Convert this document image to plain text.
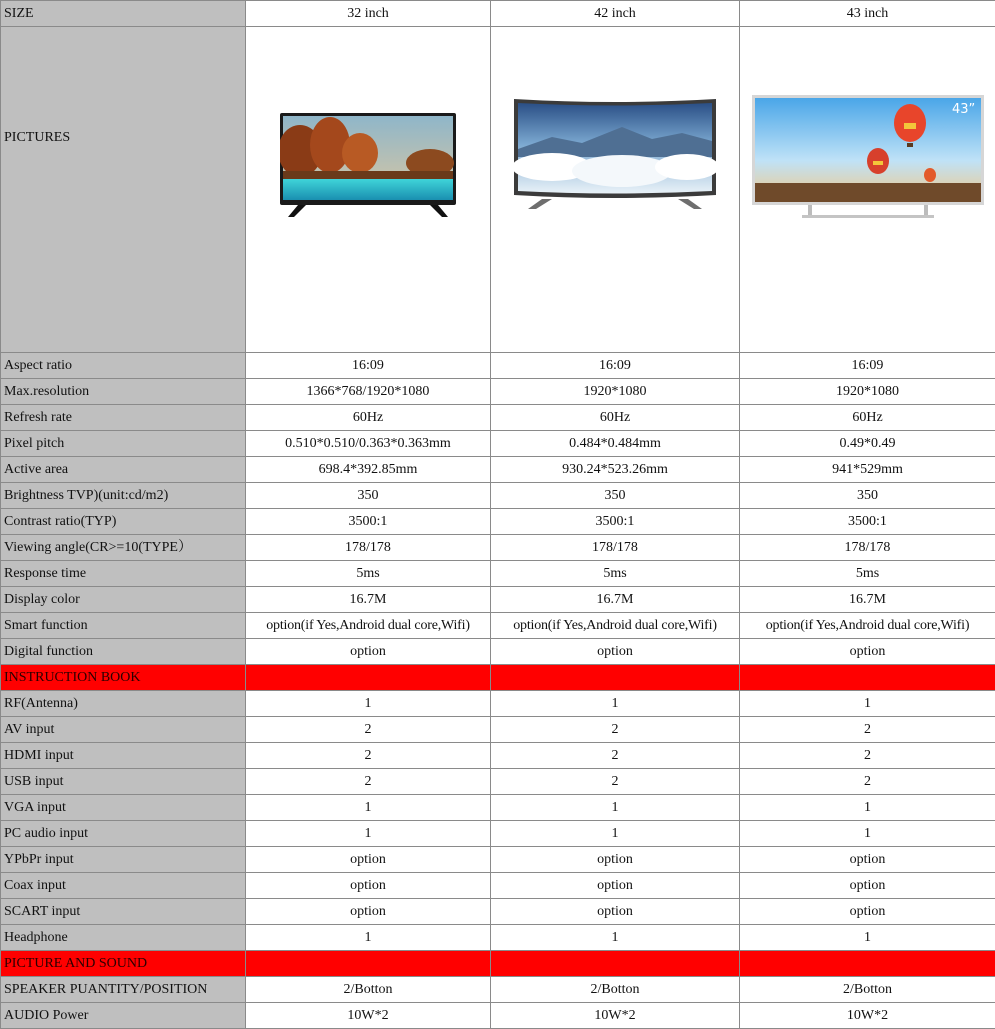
SIZE	32 inch	42 inch	43 inch
PICTURES			43”

Aspect ratio	16:09	16:09	16:09
Max.resolution	1366*768/1920*1080	1920*1080	1920*1080
Refresh rate	60Hz	60Hz	60Hz
Pixel pitch	0.510*0.510/0.363*0.363mm	0.484*0.484mm	0.49*0.49
Active area	698.4*392.85mm	930.24*523.26mm	941*529mm
Brightness TVP)(unit:cd/m2)	350	350	350
Contrast ratio(TYP)	3500:1	3500:1	3500:1
Viewing angle(CR>=10(TYPE）	178/178	178/178	178/178
Response time	5ms	5ms	5ms
Display color	16.7M	16.7M	16.7M
Smart function	option(if Yes,Android dual core,Wifi)	option(if Yes,Android dual core,Wifi)	option(if Yes,Android dual core,Wifi)
Digital function	option	option	option
INSTRUCTION BOOK			
RF(Antenna)	1	1	1
AV input	2	2	2
HDMI input	2	2	2
USB input	2	2	2
VGA input	1	1	1
PC audio input	1	1	1
YPbPr input	option	option	option
Coax input	option	option	option
SCART input	option	option	option
Headphone	1	1	1
PICTURE AND SOUND			
SPEAKER PUANTITY/POSITION	2/Botton	2/Botton	2/Botton
AUDIO Power	10W*2	10W*2	10W*2
